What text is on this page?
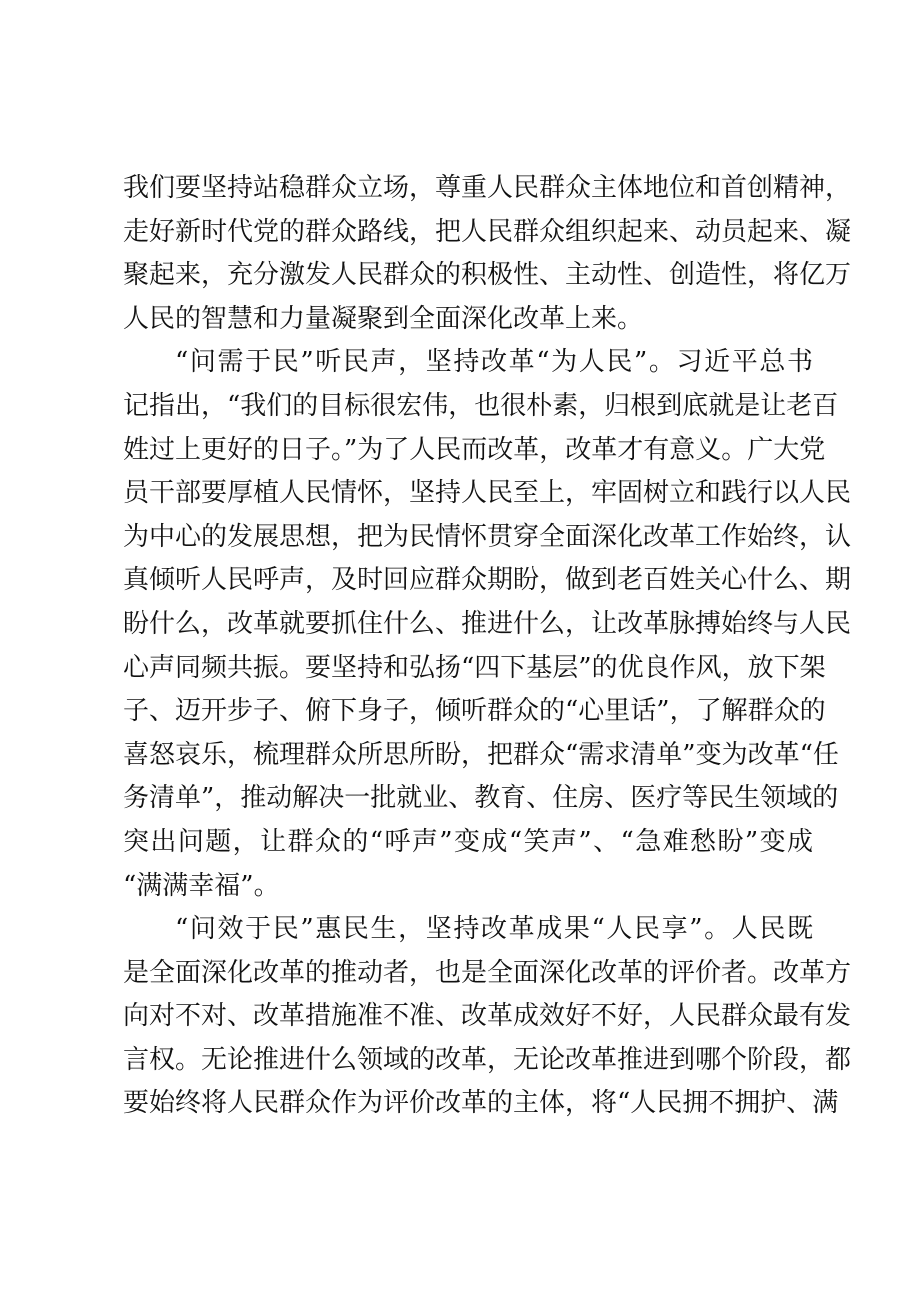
我们要坚持站稳群众立场，尊重人民群众主体地位和首创精神，
走好新时代党的群众路线，把人民群众组织起来、动员起来、凝
聚起来，充分激发人民群众的积极性、主动性、创造性，将亿万
人民的智慧和力量凝聚到全面深化改革上来。
“问需于民”听民声，坚持改革“为人民”。习近平总书
记指出，“我们的目标很宏伟，也很朴素，归根到底就是让老百
姓过上更好的日子。”为了人民而改革，改革才有意义。广大党
员干部要厚植人民情怀，坚持人民至上，牢固树立和践行以人民
为中心的发展思想，把为民情怀贯穿全面深化改革工作始终，认
真倾听人民呼声，及时回应群众期盼，做到老百姓关心什么、期
盼什么，改革就要抓住什么、推进什么，让改革脉搏始终与人民
心声同频共振。要坚持和弘扬“四下基层”的优良作风，放下架
子、迈开步子、俯下身子，倾听群众的“心里话”，了解群众的
喜怒哀乐，梳理群众所思所盼，把群众“需求清单”变为改革“任
务清单”，推动解决一批就业、教育、住房、医疗等民生领域的
突出问题，让群众的“呼声”变成“笑声”、“急难愁盼”变成
“满满幸福”。
“问效于民”惠民生，坚持改革成果“人民享”。人民既
是全面深化改革的推动者，也是全面深化改革的评价者。改革方
向对不对、改革措施准不准、改革成效好不好，人民群众最有发
言权。无论推进什么领域的改革，无论改革推进到哪个阶段，都
要始终将人民群众作为评价改革的主体，将“人民拥不拥护、满
